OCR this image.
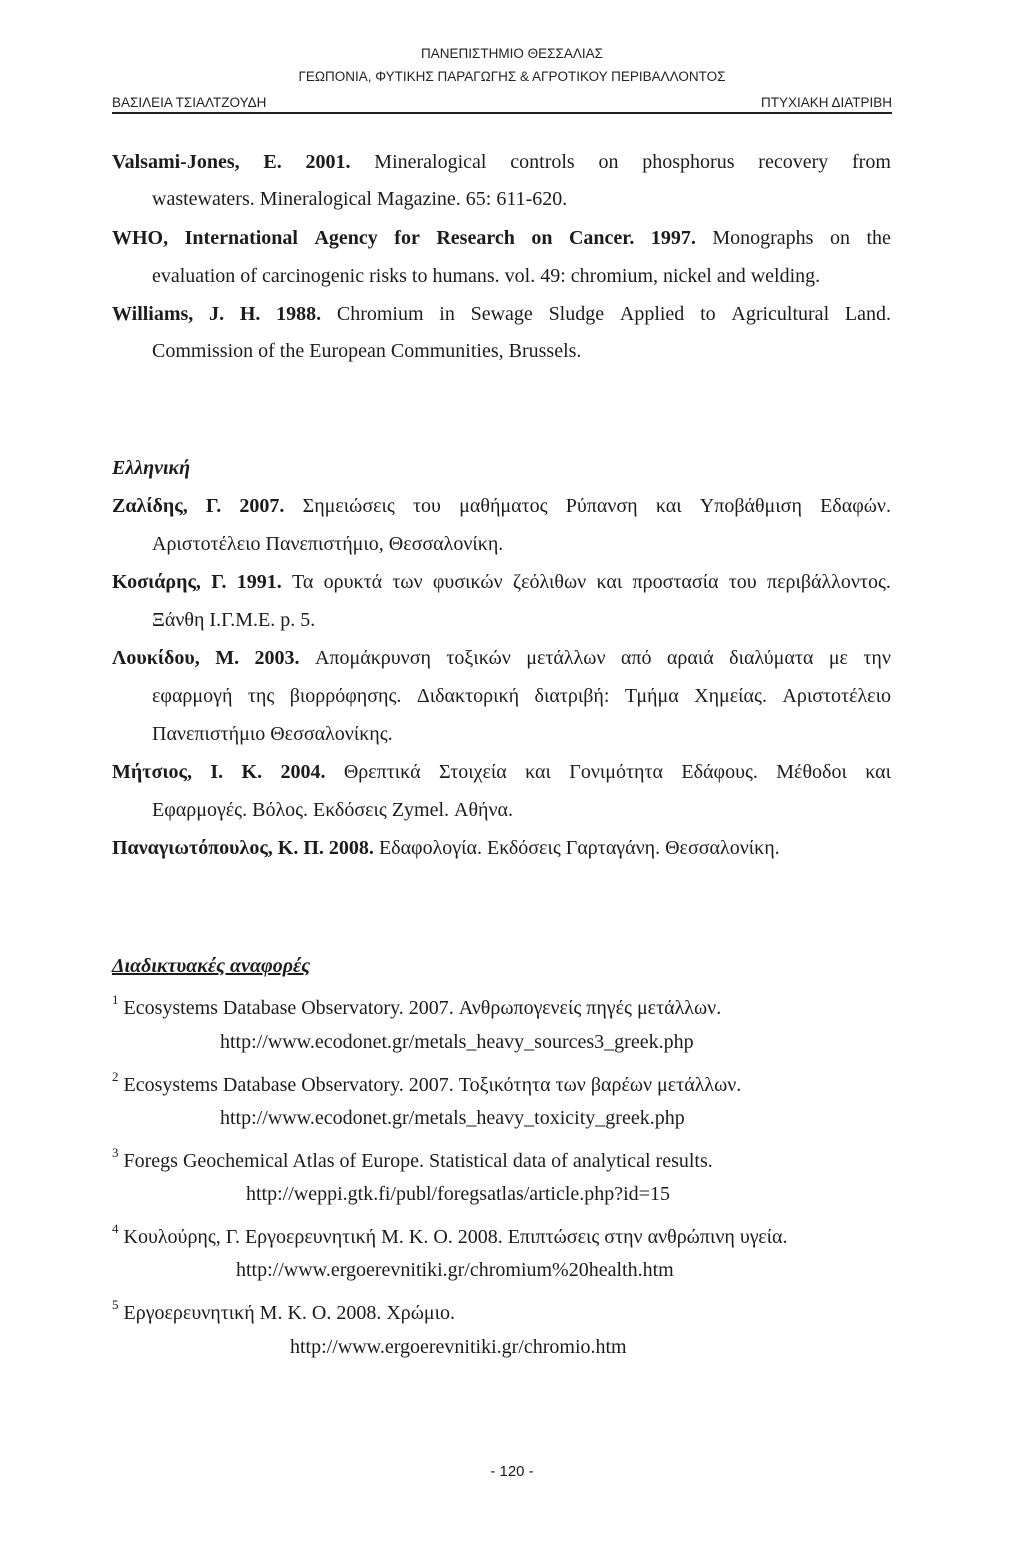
ΠΑΝΕΠΙΣΤΗΜΙΟ ΘΕΣΣΑΛΙΑΣ
ΓΕΩΠΟΝΙΑ, ΦΥΤΙΚΗΣ ΠΑΡΑΓΩΓΗΣ & ΑΓΡΟΤΙΚΟΥ ΠΕΡΙΒΑΛΛΟΝΤΟΣ
ΒΑΣΙΛΕΙΑ ΤΣΙΑΛΤΖΟΥΔΗ	ΠΤΥΧΙΑΚΗ ΔΙΑΤΡΙΒΗ
Valsami-Jones, E. 2001. Mineralogical controls on phosphorus recovery from
wastewaters. Mineralogical Magazine. 65: 611-620.
WHO, International Agency for Research on Cancer. 1997. Monographs on the
evaluation of carcinogenic risks to humans. vol. 49: chromium, nickel and welding.
Williams, J. H. 1988. Chromium in Sewage Sludge Applied to Agricultural Land.
Commission of the European Communities, Brussels.
Ελληνική
Ζαλίδης, Γ. 2007. Σημειώσεις του μαθήματος Ρύπανση και Υποβάθμιση Εδαφών.
Αριστοτέλειο Πανεπιστήμιο, Θεσσαλονίκη.
Κοσιάρης, Γ. 1991. Τα ορυκτά των φυσικών ζεόλιθων και προστασία του περιβάλλοντος.
Ξάνθη Ι.Γ.Μ.Ε. p. 5.
Λουκίδου, Μ. 2003. Απομάκρυνση τοξικών μετάλλων από αραιά διαλύματα με την
εφαρμογή της βιορρόφησης. Διδακτορική διατριβή: Τμήμα Χημείας. Αριστοτέλειο
Πανεπιστήμιο Θεσσαλονίκης.
Μήτσιος, Ι. Κ. 2004. Θρεπτικά Στοιχεία και Γονιμότητα Εδάφους. Μέθοδοι και
Εφαρμογές. Βόλος. Εκδόσεις Zymel. Αθήνα.
Παναγιωτόπουλος, Κ. Π. 2008. Εδαφολογία. Εκδόσεις Γαρταγάνη. Θεσσαλονίκη.
Διαδικτυακές αναφορές
$^1$ Ecosystems Database Observatory. 2007. Ανθρωπογενείς πηγές μετάλλων.
http://www.ecodonet.gr/metals_heavy_sources3_greek.php
$^2$ Ecosystems Database Observatory. 2007. Τοξικότητα των βαρέων μετάλλων.
http://www.ecodonet.gr/metals_heavy_toxicity_greek.php
$^3$ Foregs Geochemical Atlas of Europe. Statistical data of analytical results.
http://weppi.gtk.fi/publ/foregsatlas/article.php?id=15
$^4$ Κουλούρης, Γ. Εργοερευνητική Μ. Κ. Ο. 2008. Επιπτώσεις στην ανθρώπινη υγεία.
http://www.ergoerevnitiki.gr/chromium%20health.htm
$^5$ Εργοερευνητική Μ. Κ. Ο. 2008. Χρώμιο.
http://www.ergoerevnitiki.gr/chromio.htm
- 120 -
